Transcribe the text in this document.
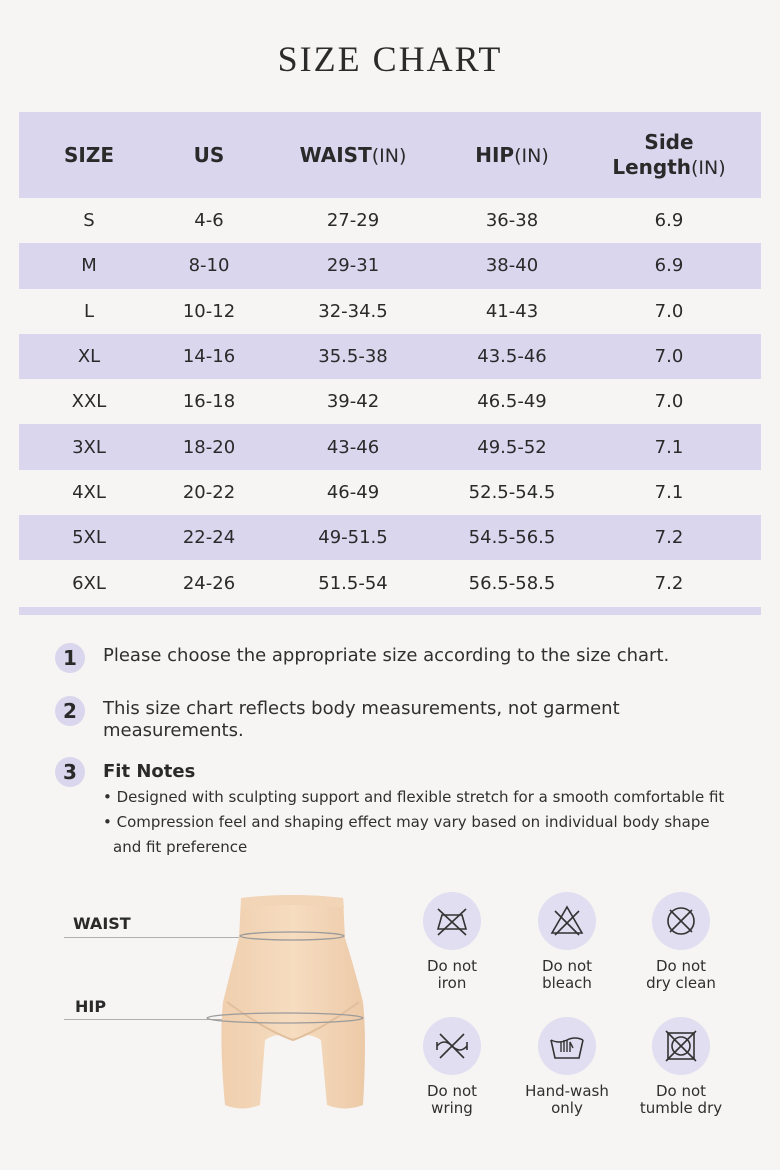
SIZE CHART
SIZE	US	WAIST(IN)	HIP(IN)	Side
Length(IN)
S	4-6	27-29	36-38	6.9
M	8-10	29-31	38-40	6.9
L	10-12	32-34.5	41-43	7.0
XL	14-16	35.5-38	43.5-46	7.0
XXL	16-18	39-42	46.5-49	7.0
3XL	18-20	43-46	49.5-52	7.1
4XL	20-22	46-49	52.5-54.5	7.1
5XL	22-24	49-51.5	54.5-56.5	7.2
6XL	24-26	51.5-54	56.5-58.5	7.2
1	Please choose the appropriate size according to the size chart.
2	This size chart reflects body measurements, not garment measurements.
3	Fit Notes
• Designed with sculpting support and flexible stretch for a smooth comfortable fit
• Compression feel and shaping effect may vary based on individual body shape and fit preference
WAIST
HIP
Do not
iron
Do not
bleach
Do not
dry clean
Do not
wring
Hand-wash
only
Do not
tumble dry
